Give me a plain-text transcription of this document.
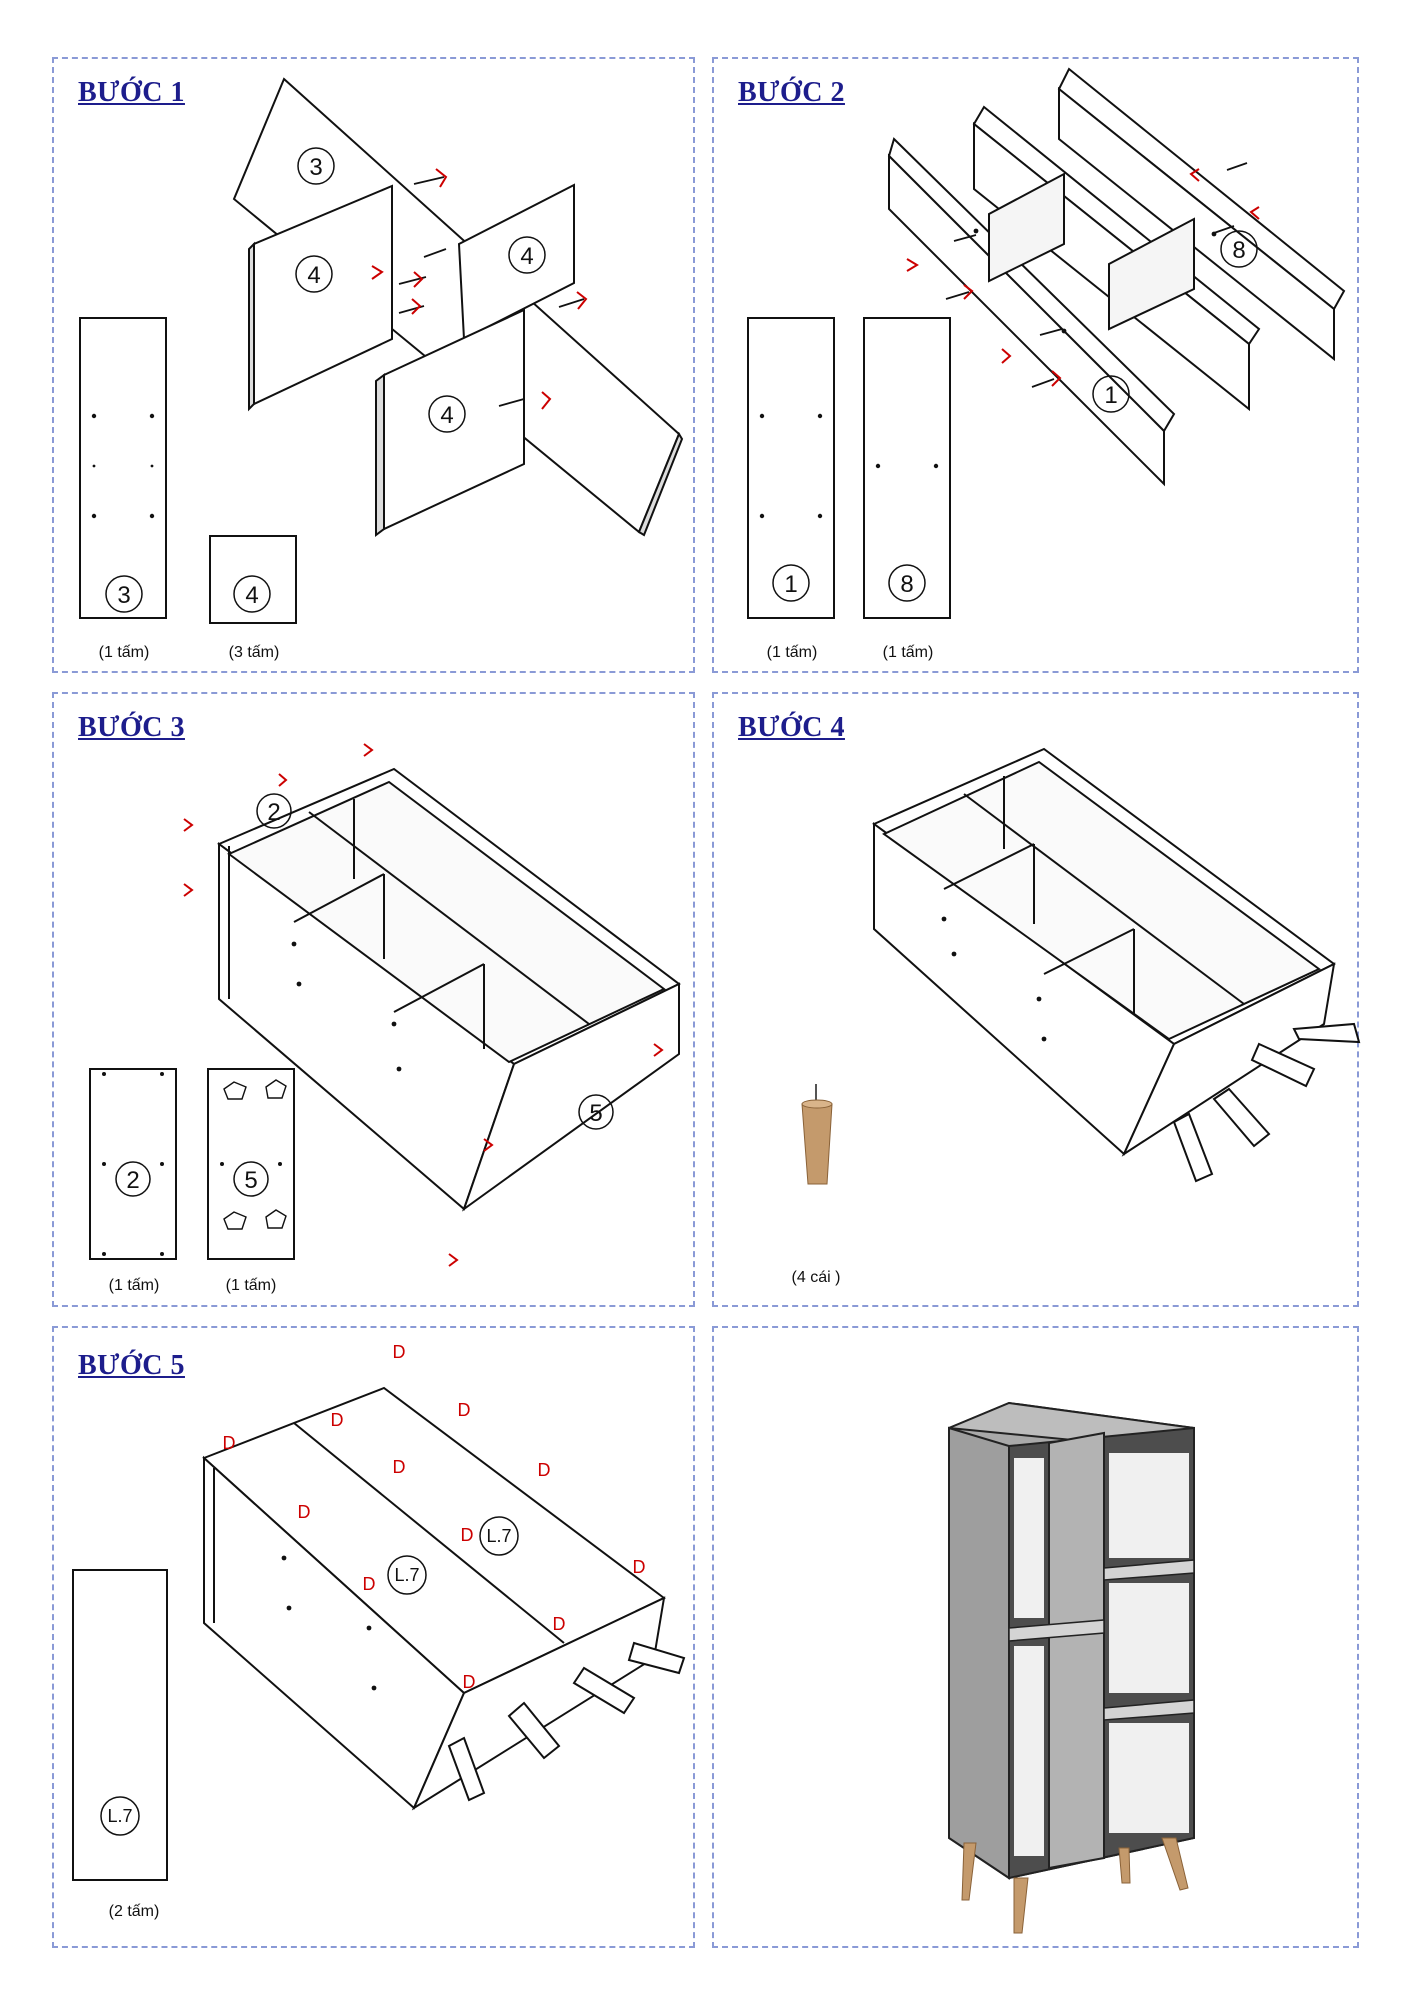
BƯỚC 1
3
4
4
4
3	4
(1 tấm)	(3 tấm)
BƯỚC 2
1
8
1	8
(1 tấm)	(1 tấm)
BƯỚC 3
2
5
2	5
(1 tấm)	(1 tấm)
BƯỚC 4
(4 cái )
BƯỚC 5
L.7
L.7
L.7
D
D
D
D
D	D
D
D
D
D
D
D
(2 tấm)
